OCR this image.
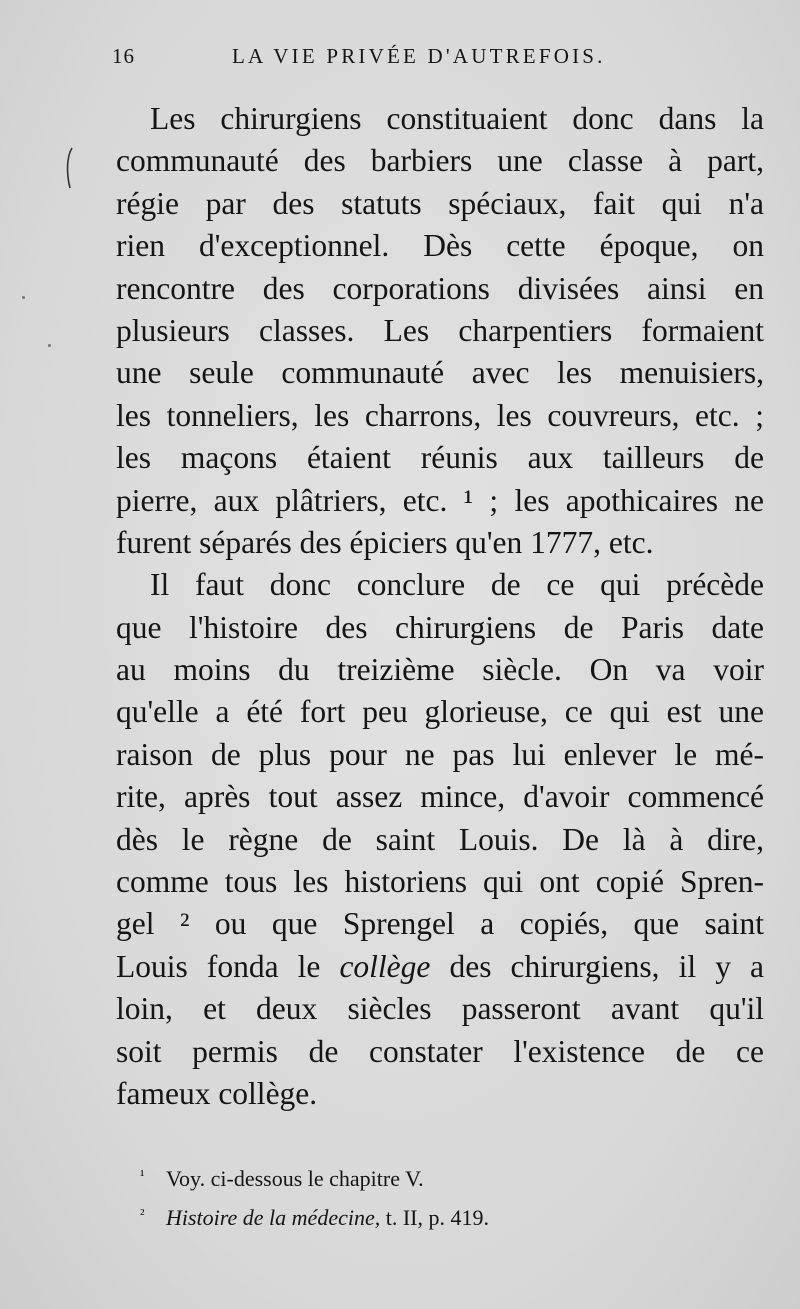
16	LA VIE PRIVÉE D'AUTREFOIS.
Les chirurgiens constituaient donc dans la
communauté des barbiers une classe à part,
régie par des statuts spéciaux, fait qui n'a
rien d'exceptionnel. Dès cette époque, on
rencontre des corporations divisées ainsi en
plusieurs classes. Les charpentiers formaient
une seule communauté avec les menuisiers,
les tonneliers, les charrons, les couvreurs, etc. ;
les maçons étaient réunis aux tailleurs de
pierre, aux plâtriers, etc. ¹ ; les apothicaires ne
furent séparés des épiciers qu'en 1777, etc.
Il faut donc conclure de ce qui précède
que l'histoire des chirurgiens de Paris date
au moins du treizième siècle. On va voir
qu'elle a été fort peu glorieuse, ce qui est une
raison de plus pour ne pas lui enlever le mé-
rite, après tout assez mince, d'avoir commencé
dès le règne de saint Louis. De là à dire,
comme tous les historiens qui ont copié Spren-
gel ² ou que Sprengel a copiés, que saint
Louis fonda le collège des chirurgiens, il y a
loin, et deux siècles passeront avant qu'il
soit permis de constater l'existence de ce
fameux collège.
¹ Voy. ci-dessous le chapitre V.
² Histoire de la médecine, t. II, p. 419.
